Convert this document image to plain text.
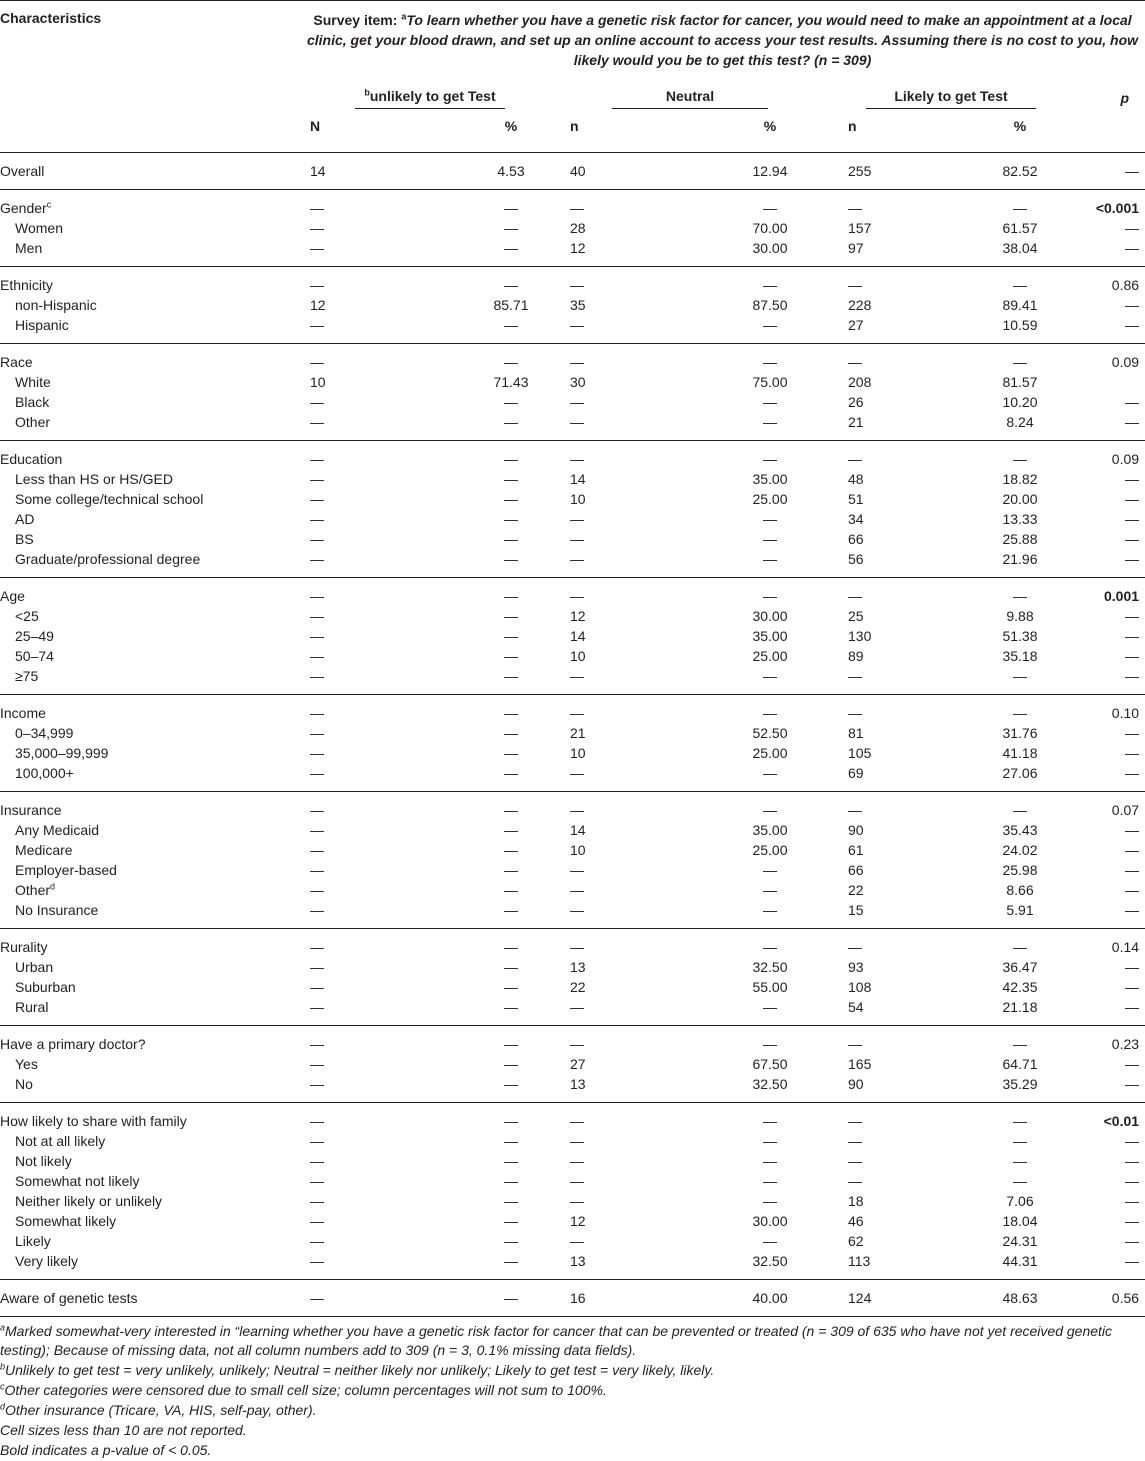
Characteristics	Survey item: $^a$To learn whether you have a genetic risk factor for cancer, you would need to make an appointment at a local clinic, get your blood drawn, and set up an online account to access your test results. Assuming there is no cost to you, how likely would you be to get this test? (n = 309)						
	$^b$unlikely to get Test		Neutral		Likely to get Test		p
	N	%	n	%	n	%	
Overall	14	4.53	40	12.94	255	82.52	—
Gender$^c$	—	—	—	—	—	—	<0.001
Women	—	—	28	70.00	157	61.57	—
Men	—	—	12	30.00	97	38.04	—
Ethnicity	—	—	—	—	—	—	0.86
non-Hispanic	12	85.71	35	87.50	228	89.41	—
Hispanic	—	—	—	—	27	10.59	—
Race	—	—	—	—	—	—	0.09
White	10	71.43	30	75.00	208	81.57	
Black	—	—	—	—	26	10.20	—
Other	—	—	—	—	21	8.24	—
Education	—	—	—	—	—	—	0.09
Less than HS or HS/GED	—	—	14	35.00	48	18.82	—
Some college/technical school	—	—	10	25.00	51	20.00	—
AD	—	—	—	—	34	13.33	—
BS	—	—	—	—	66	25.88	—
Graduate/professional degree	—	—	—	—	56	21.96	—
Age	—	—	—	—	—	—	0.001
<25	—	—	12	30.00	25	9.88	—
25–49	—	—	14	35.00	130	51.38	—
50–74	—	—	10	25.00	89	35.18	—
≥75	—	—	—	—	—	—	—
Income	—	—	—	—	—	—	0.10
0–34,999	—	—	21	52.50	81	31.76	—
35,000–99,999	—	—	10	25.00	105	41.18	—
100,000+	—	—	—	—	69	27.06	—
Insurance	—	—	—	—	—	—	0.07
Any Medicaid	—	—	14	35.00	90	35.43	—
Medicare	—	—	10	25.00	61	24.02	—
Employer-based	—	—	—	—	66	25.98	—
Other$^d$	—	—	—	—	22	8.66	—
No Insurance	—	—	—	—	15	5.91	—
Rurality	—	—	—	—	—	—	0.14
Urban	—	—	13	32.50	93	36.47	—
Suburban	—	—	22	55.00	108	42.35	—
Rural	—	—	—	—	54	21.18	—
Have a primary doctor?	—	—	—	—	—	—	0.23
Yes	—	—	27	67.50	165	64.71	—
No	—	—	13	32.50	90	35.29	—
How likely to share with family	—	—	—	—	—	—	<0.01
Not at all likely	—	—	—	—	—	—	—
Not likely	—	—	—	—	—	—	—
Somewhat not likely	—	—	—	—	—	—	—
Neither likely or unlikely	—	—	—	—	18	7.06	—
Somewhat likely	—	—	12	30.00	46	18.04	—
Likely	—	—	—	—	62	24.31	—
Very likely	—	—	13	32.50	113	44.31	—
Aware of genetic tests	—	—	16	40.00	124	48.63	0.56

$^a$Marked somewhat-very interested in “learning whether you have a genetic risk factor for cancer that can be prevented or treated (n = 309 of 635 who have not yet received genetic testing); Because of missing data, not all column numbers add to 309 (n = 3, 0.1% missing data fields).

$^b$Unlikely to get test = very unlikely, unlikely; Neutral = neither likely nor unlikely; Likely to get test = very likely, likely.

$^c$Other categories were censored due to small cell size; column percentages will not sum to 100%.

$^d$Other insurance (Tricare, VA, HIS, self-pay, other).

Cell sizes less than 10 are not reported.

Bold indicates a p-value of < 0.05.
